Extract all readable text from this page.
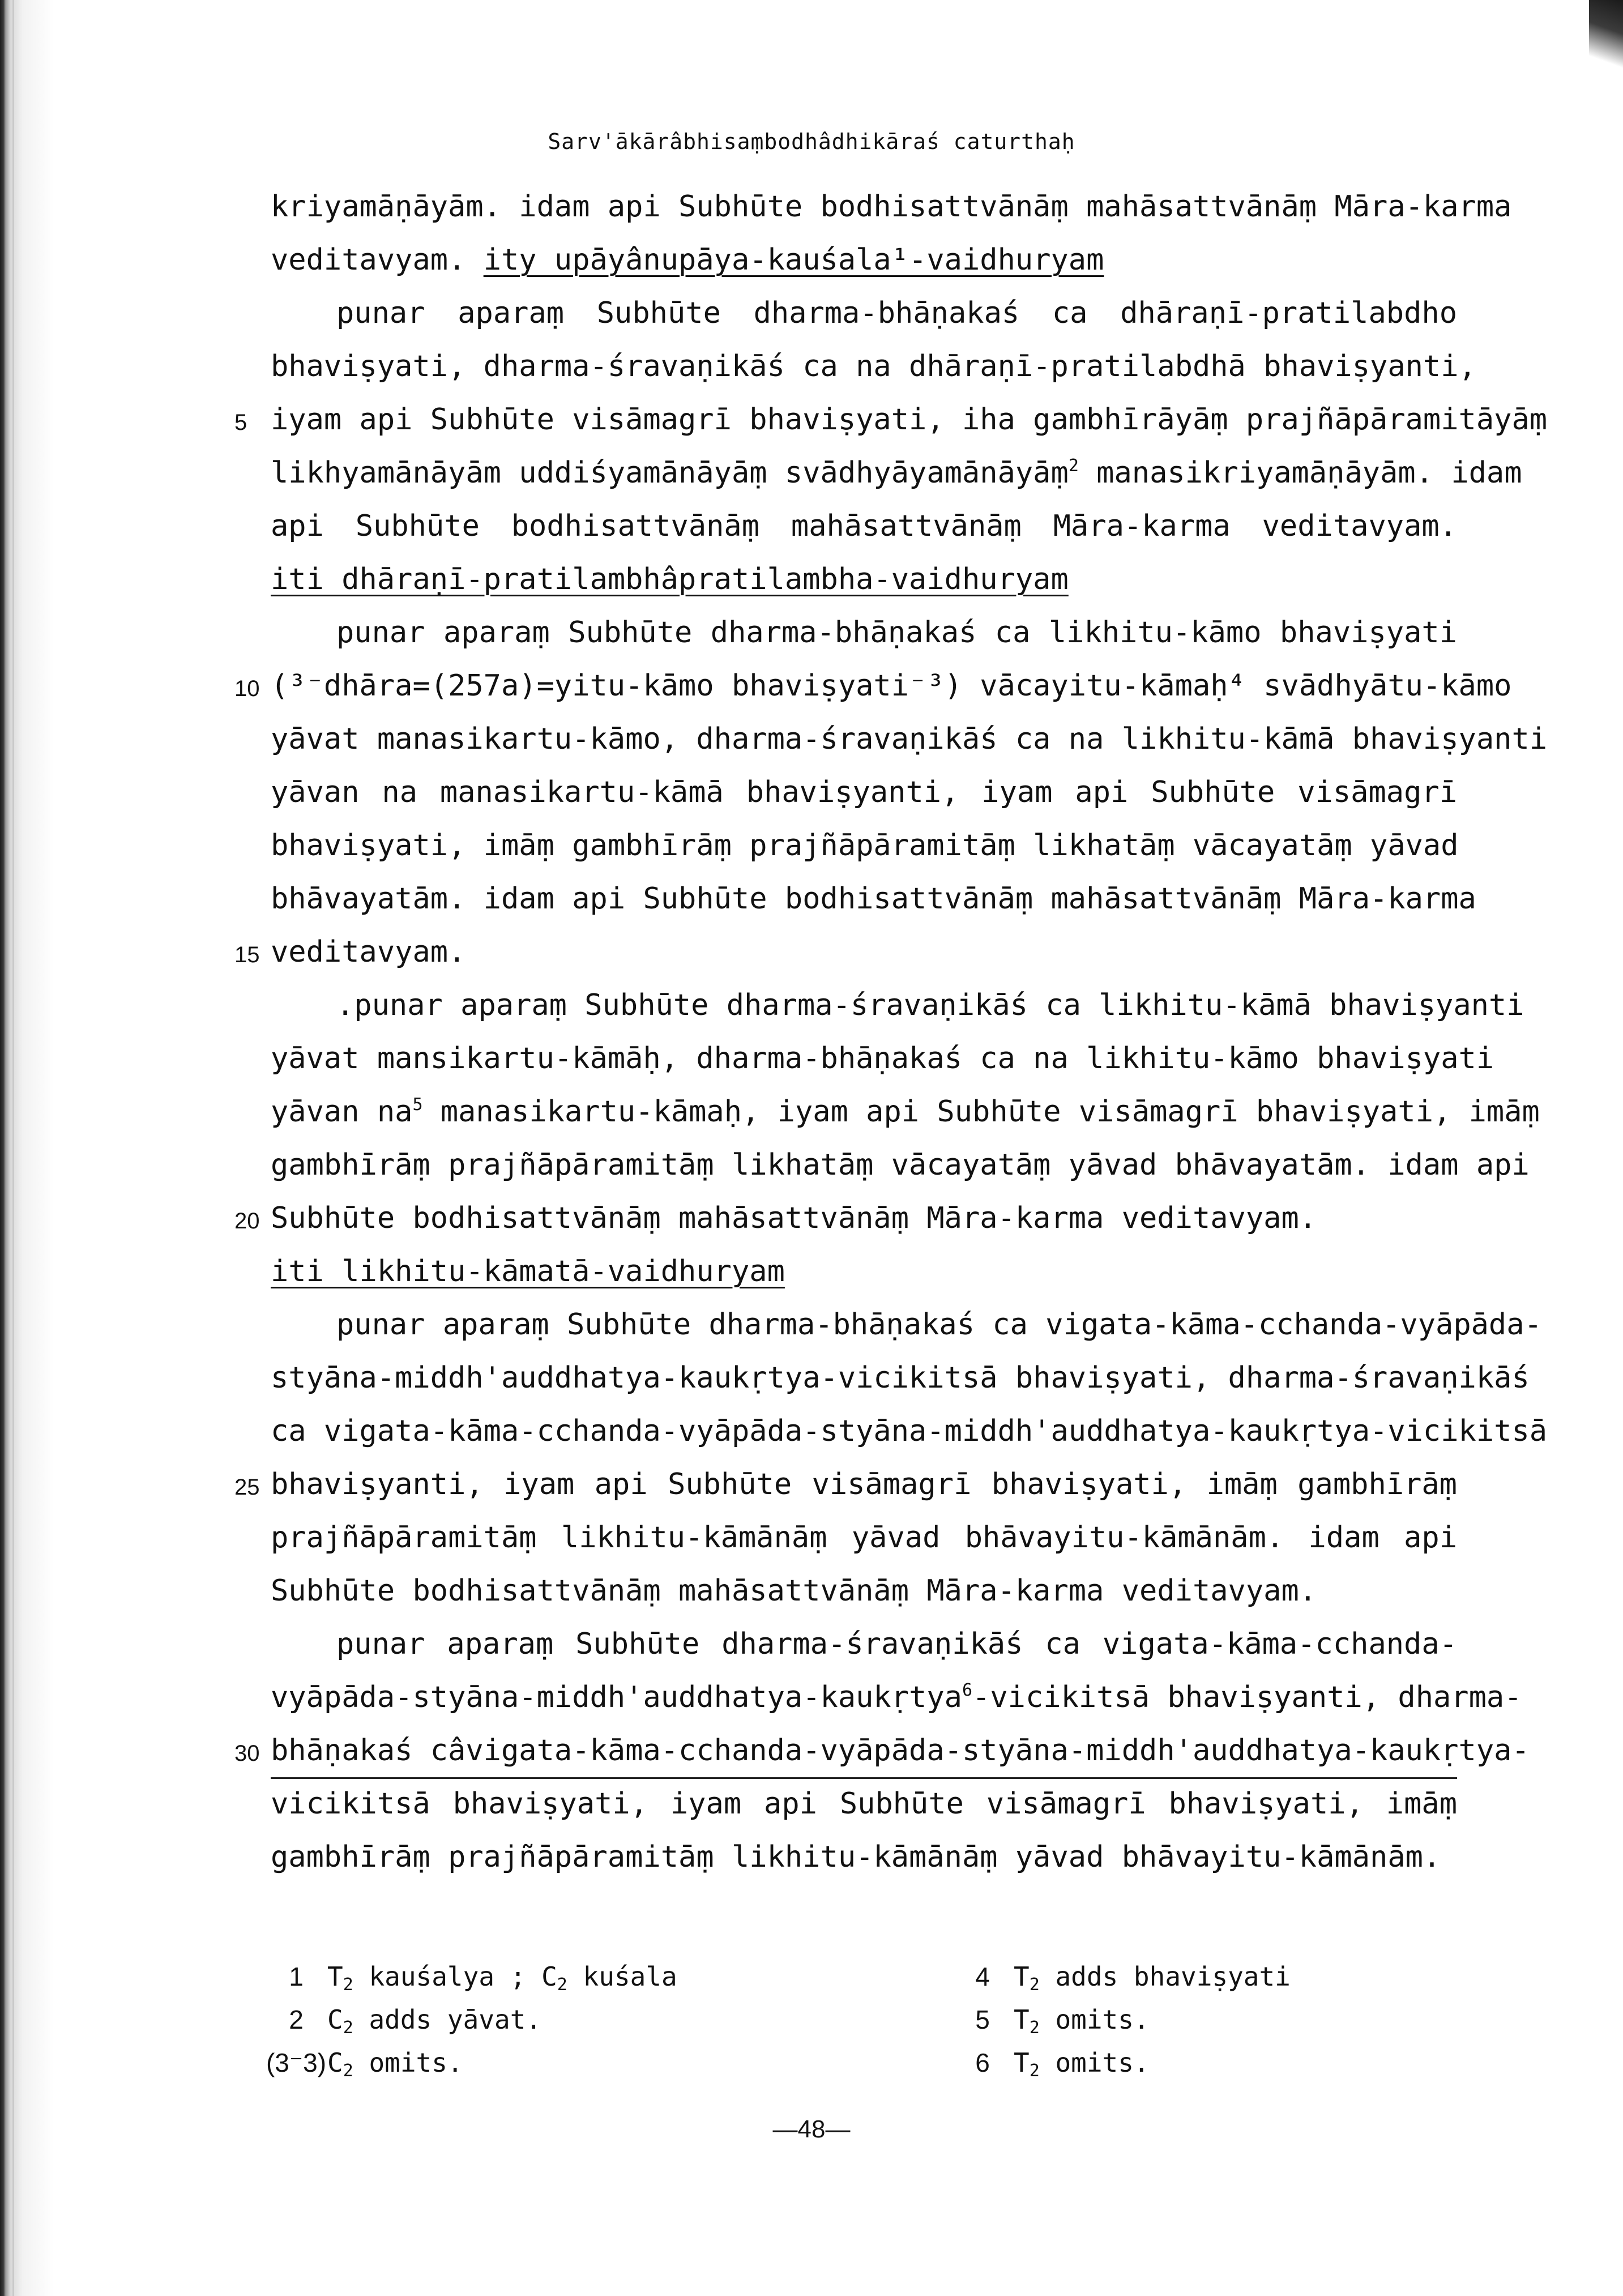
Sarv'ākārâbhisaṃbodhâdhikāraś caturthaḥ
kriyamāṇāyām. idam api Subhūte bodhisattvānāṃ mahāsattvānāṃ Māra-karma
veditavyam. ity upāyânupāya-kauśala¹-vaidhuryam
punar aparaṃ Subhūte dharma-bhāṇakaś ca dhāraṇī-pratilabdho
bhaviṣyati, dharma-śravaṇikāś ca na dhāraṇī-pratilabdhā bhaviṣyanti,
5 iyam api Subhūte visāmagrī bhaviṣyati, iha gambhīrāyāṃ prajñāpāramitāyāṃ
likhyamānāyām uddiśyamānāyāṃ svādhyāyamānāyāṃ$^2$ manasikriyamāṇāyām. idam
api Subhūte bodhisattvānāṃ mahāsattvānāṃ Māra-karma veditavyam.
iti dhāraṇī-pratilambhâpratilambha-vaidhuryam
punar aparaṃ Subhūte dharma-bhāṇakaś ca likhitu-kāmo bhaviṣyati
10 (³⁻dhāra=(257a)=yitu-kāmo bhaviṣyati⁻³) vācayitu-kāmaḥ⁴ svādhyātu-kāmo
yāvat manasikartu-kāmo, dharma-śravaṇikāś ca na likhitu-kāmā bhaviṣyanti
yāvan na manasikartu-kāmā bhaviṣyanti, iyam api Subhūte visāmagrī
bhaviṣyati, imāṃ gambhīrāṃ prajñāpāramitāṃ likhatāṃ vācayatāṃ yāvad
bhāvayatām. idam api Subhūte bodhisattvānāṃ mahāsattvānāṃ Māra-karma
15 veditavyam.
.punar aparaṃ Subhūte dharma-śravaṇikāś ca likhitu-kāmā bhaviṣyanti
yāvat mansikartu-kāmāḥ, dharma-bhāṇakaś ca na likhitu-kāmo bhaviṣyati
yāvan $na^5$ manasikartu-kāmaḥ, iyam api Subhūte visāmagrī bhaviṣyati, imāṃ
gambhīrāṃ prajñāpāramitāṃ likhatāṃ vācayatāṃ yāvad bhāvayatām. idam api
20 Subhūte bodhisattvānāṃ mahāsattvānāṃ Māra-karma veditavyam.
iti likhitu-kāmatā-vaidhuryam
punar aparaṃ Subhūte dharma-bhāṇakaś ca vigata-kāma-cchanda-vyāpāda-
styāna-middh'auddhatya-kaukṛtya-vicikitsā bhaviṣyati, dharma-śravaṇikāś
ca vigata-kāma-cchanda-vyāpāda-styāna-middh'auddhatya-kaukṛtya-vicikitsā
25 bhaviṣyanti, iyam api Subhūte visāmagrī bhaviṣyati, imāṃ gambhīrāṃ
prajñāpāramitāṃ likhitu-kāmānāṃ yāvad bhāvayitu-kāmānām. idam api
Subhūte bodhisattvānāṃ mahāsattvānāṃ Māra-karma veditavyam.
punar aparaṃ Subhūte dharma-śravaṇikāś ca vigata-kāma-cchanda-
vyāpāda-styāna-middh'auddhatya-kaukṛtya$^6$-vicikitsā bhaviṣyanti, dharma-
30 bhāṇakaś câvigata-kāma-cchanda-vyāpāda-styāna-middh'auddhatya-kaukṛtya-
vicikitsā bhaviṣyati, iyam api Subhūte visāmagrī bhaviṣyati, imāṃ
gambhīrāṃ prajñāpāramitāṃ likhitu-kāmānāṃ yāvad bhāvayitu-kāmānām.
1 $T_2$ kauśalya ; $C_2$ kuśala
2 $C_2$ adds yāvat.
$(3^-3)C_2$ omits.
4 $T_2$ adds bhaviṣyati
5 $T_2$ omits.
6 $T_2$ omits.
—48—
